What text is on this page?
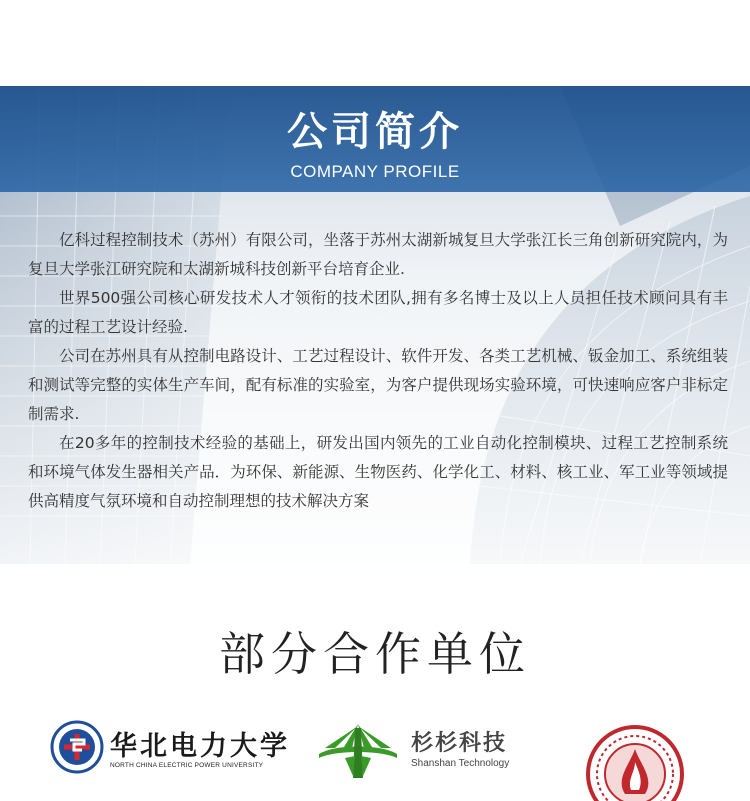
公司简介
COMPANY PROFILE

亿科过程控制技术（苏州）有限公司，坐落于苏州太湖新城复旦大学张江长三角创新研究院内，为复旦大学张江研究院和太湖新城科技创新平台培育企业.

世界500强公司核心研发技术人才领衔的技术团队,拥有多名博士及以上人员担任技术顾问具有丰富的过程工艺设计经验.

公司在苏州具有从控制电路设计、工艺过程设计、软件开发、各类工艺机械、钣金加工、系统组装和测试等完整的实体生产车间，配有标准的实验室，为客户提供现场实验环境，可快速响应客户非标定制需求.

在20多年的控制技术经验的基础上，研发出国内领先的工业自动化控制模块、过程工艺控制系统和环境气体发生器相关产品．为环保、新能源、生物医药、化学化工、材料、核工业、军工业等领域提供高精度气氛环境和自动控制理想的技术解决方案

部分合作单位
华北电力大学
NORTH CHINA ELECTRIC POWER UNIVERSITY
杉杉科技
Shanshan Technology
